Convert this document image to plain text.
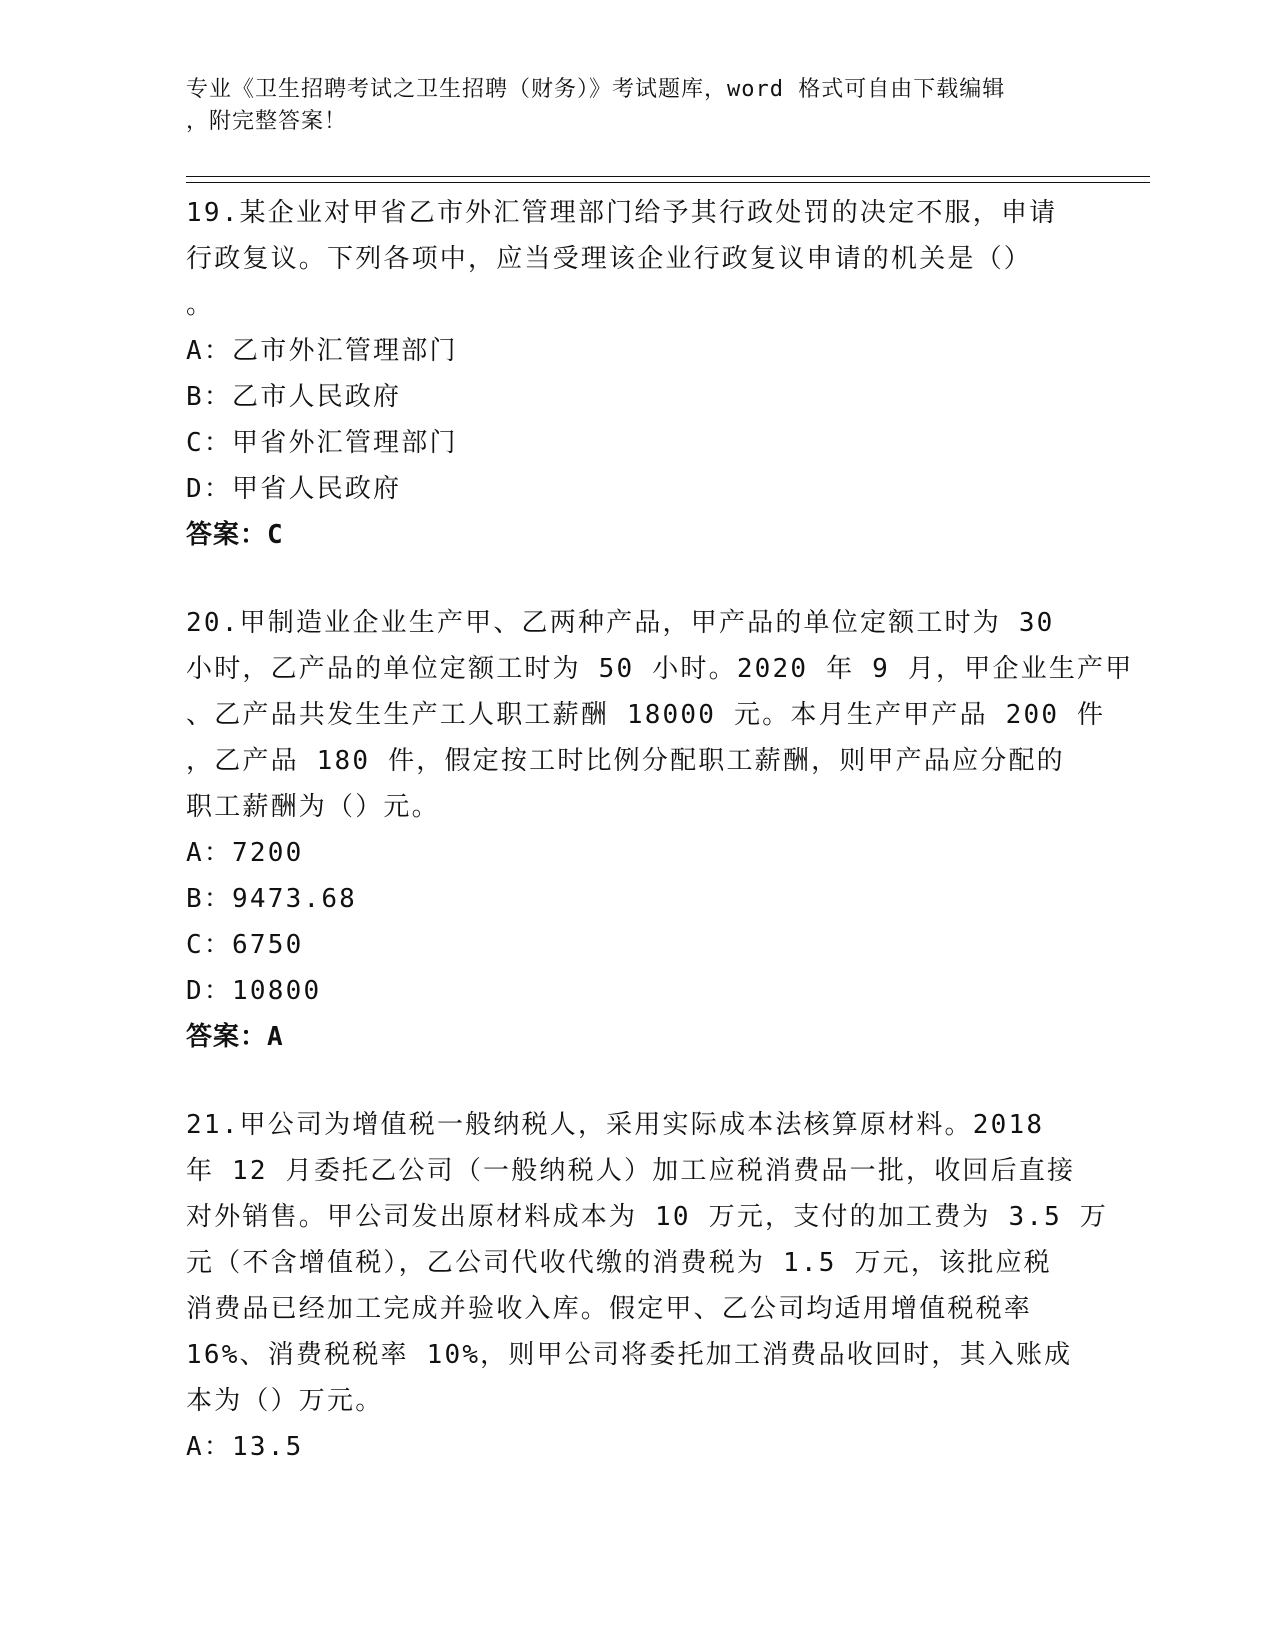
专业《卫生招聘考试之卫生招聘（财务）》考试题库，word 格式可自由下载编辑
，附完整答案！
19.某企业对甲省乙市外汇管理部门给予其行政处罚的决定不服，申请
行政复议。下列各项中，应当受理该企业行政复议申请的机关是（）
。
A：乙市外汇管理部门
B：乙市人民政府
C：甲省外汇管理部门
D：甲省人民政府
答案：C
20.甲制造业企业生产甲、乙两种产品，甲产品的单位定额工时为 30
小时，乙产品的单位定额工时为 50 小时。2020 年 9 月，甲企业生产甲
、乙产品共发生生产工人职工薪酬 18000 元。本月生产甲产品 200 件
，乙产品 180 件，假定按工时比例分配职工薪酬，则甲产品应分配的
职工薪酬为（）元。
A：7200
B：9473.68
C：6750
D：10800
答案：A
21.甲公司为增值税一般纳税人，采用实际成本法核算原材料。2018
年 12 月委托乙公司（一般纳税人）加工应税消费品一批，收回后直接
对外销售。甲公司发出原材料成本为 10 万元，支付的加工费为 3.5 万
元（不含增值税），乙公司代收代缴的消费税为 1.5 万元，该批应税
消费品已经加工完成并验收入库。假定甲、乙公司均适用增值税税率
16%、消费税税率 10%，则甲公司将委托加工消费品收回时，其入账成
本为（）万元。
A：13.5
